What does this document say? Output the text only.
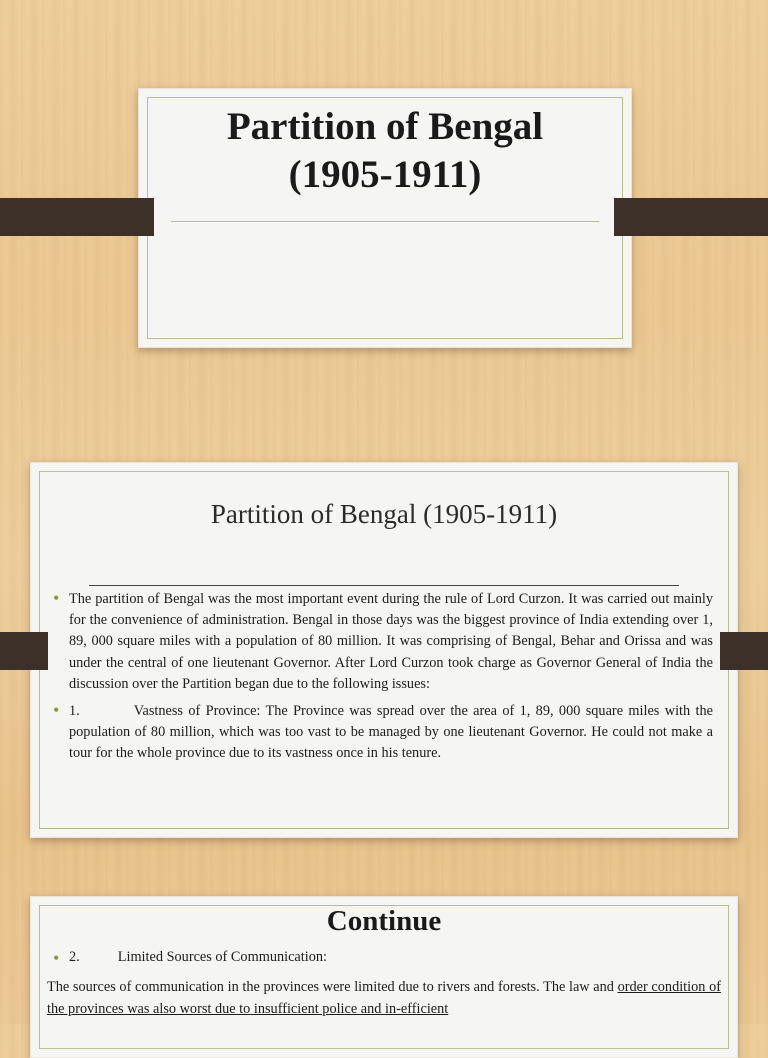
Partition of Bengal
(1905-1911)
Partition of Bengal (1905-1911)
• The partition of Bengal was the most important event during the rule of Lord Curzon. It was carried out mainly for the convenience of administration. Bengal in those days was the biggest province of India extending over 1, 89, 000 square miles with a population of 80 million. It was comprising of Bengal, Behar and Orissa and was under the central of one lieutenant Governor. After Lord Curzon took charge as Governor General of India the discussion over the Partition began due to the following issues:
• 1.	Vastness of Province: The Province was spread over the area of 1, 89, 000 square miles with the population of 80 million, which was too vast to be managed by one lieutenant Governor. He could not make a tour for the whole province due to its vastness once in his tenure.
Continue
• 2.	Limited Sources of Communication:
The sources of communication in the provinces were limited due to rivers and forests. The law and order condition of the provinces was also worst due to insufficient police and in-efficient
